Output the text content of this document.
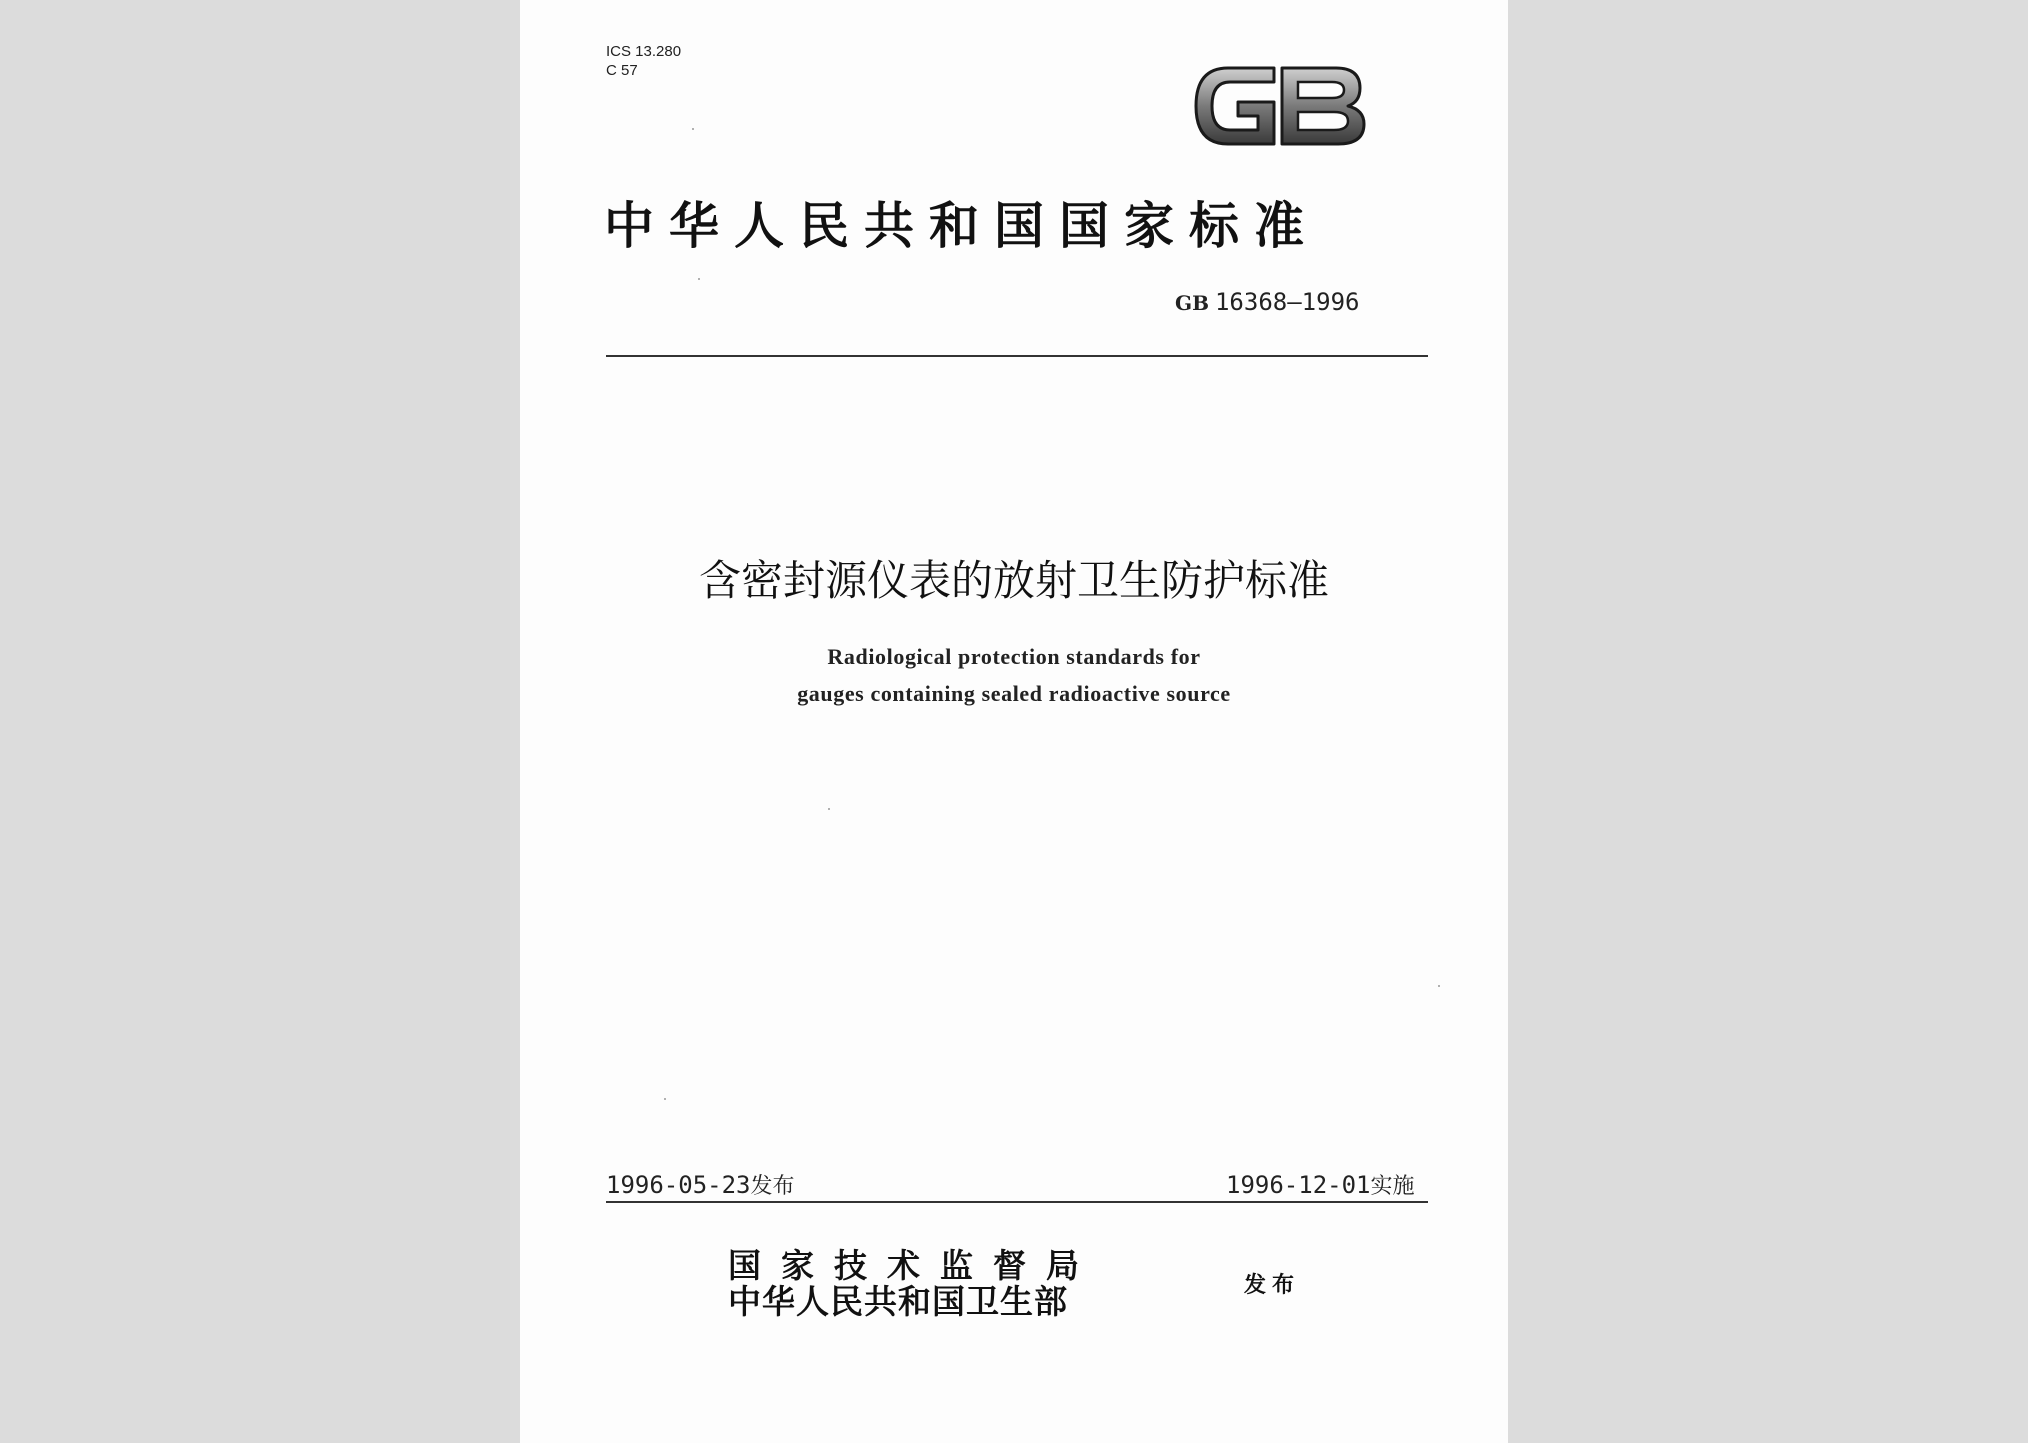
ICS 13.280
C 57
中华人民共和国国家标准
GB 16368—1996
含密封源仪表的放射卫生防护标准
Radiological protection standards for
gauges containing sealed radioactive source
1996-05-23发布	1996-12-01实施
国家技术监督局
中华人民共和国卫生部	发布
